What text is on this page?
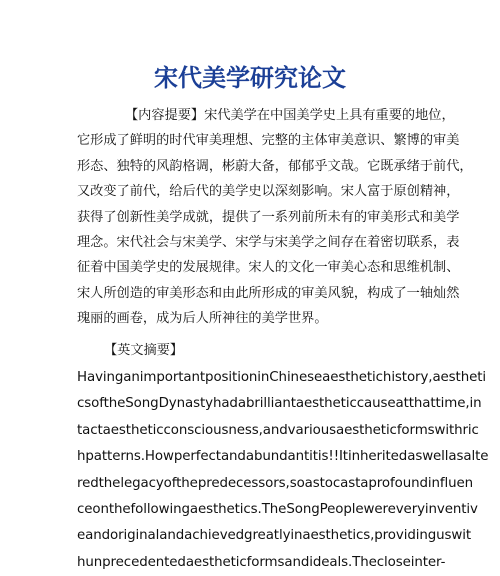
宋代美学研究论文
【内容提要】宋代美学在中国美学史上具有重要的地位，
它形成了鲜明的时代审美理想、完整的主体审美意识、繁博的审美
形态、独特的风韵格调，彬蔚大备，郁郁乎文哉。它既承绪于前代，
又改变了前代，给后代的美学史以深刻影响。宋人富于原创精神，
获得了创新性美学成就，提供了一系列前所未有的审美形式和美学
理念。宋代社会与宋美学、宋学与宋美学之间存在着密切联系，表
征着中国美学史的发展规律。宋人的文化一审美心态和思维机制、
宋人所创造的审美形态和由此所形成的审美风貌，构成了一轴灿然
瑰丽的画卷，成为后人所神往的美学世界。

【英文摘要】

HavinganimportantpositioninChineseaesthetichistory,aestheti
csoftheSongDynastyhadabrilliantaestheticcauseatthattime,in
tactaestheticconsciousness,andvariousaestheticformswithric
hpatterns.Howperfectandabundantitis!!Itinheritedaswellasalte
redthelegacyofthepredecessors,soastocastaprofoundinfluen
ceonthefollowingaesthetics.TheSongPeoplewereveryinventiv
eandoriginalandachievedgreatlyinaesthetics,providinguswit
hunprecedentedaestheticformsandideals.Thecloseinter-
